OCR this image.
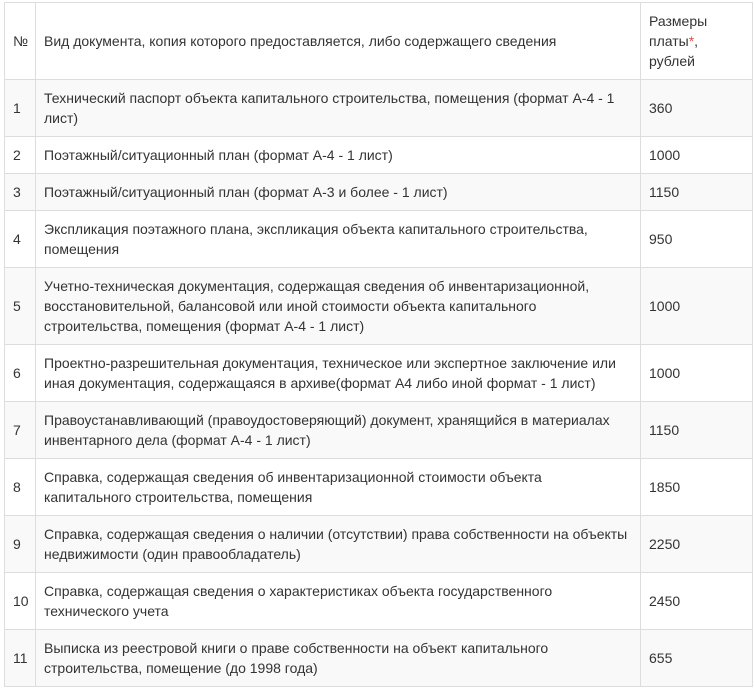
№	Вид документа, копия которого предоставляется, либо содержащего сведения	Размеры
платы*,
рублей
1	Технический паспорт объекта капитального строительства, помещения (формат А-4 - 1 лист)	360
2	Поэтажный/ситуационный план (формат А-4 - 1 лист)	1000
3	Поэтажный/ситуационный план (формат А-3 и более - 1 лист)	1150
4	Экспликация поэтажного плана, экспликация объекта капитального строительства, помещения	950
5	Учетно-техническая документация, содержащая сведения об инвентаризационной, восстановительной, балансовой или иной стоимости объекта капитального строительства, помещения (формат А-4 - 1 лист)	1000
6	Проектно-разрешительная документация, техническое или экспертное заключение или иная документация, содержащаяся в архиве(формат А4 либо иной формат - 1 лист)	1000
7	Правоустанавливающий (правоудостоверяющий) документ, хранящийся в материалах инвентарного дела (формат А-4 - 1 лист)	1150
8	Справка, содержащая сведения об инвентаризационной стоимости объекта капитального строительства, помещения	1850
9	Справка, содержащая сведения о наличии (отсутствии) права собственности на объекты недвижимости (один правообладатель)	2250
10	Справка, содержащая сведения о характеристиках объекта государственного технического учета	2450
11	Выписка из реестровой книги о праве собственности на объект капитального строительства, помещение (до 1998 года)	655
